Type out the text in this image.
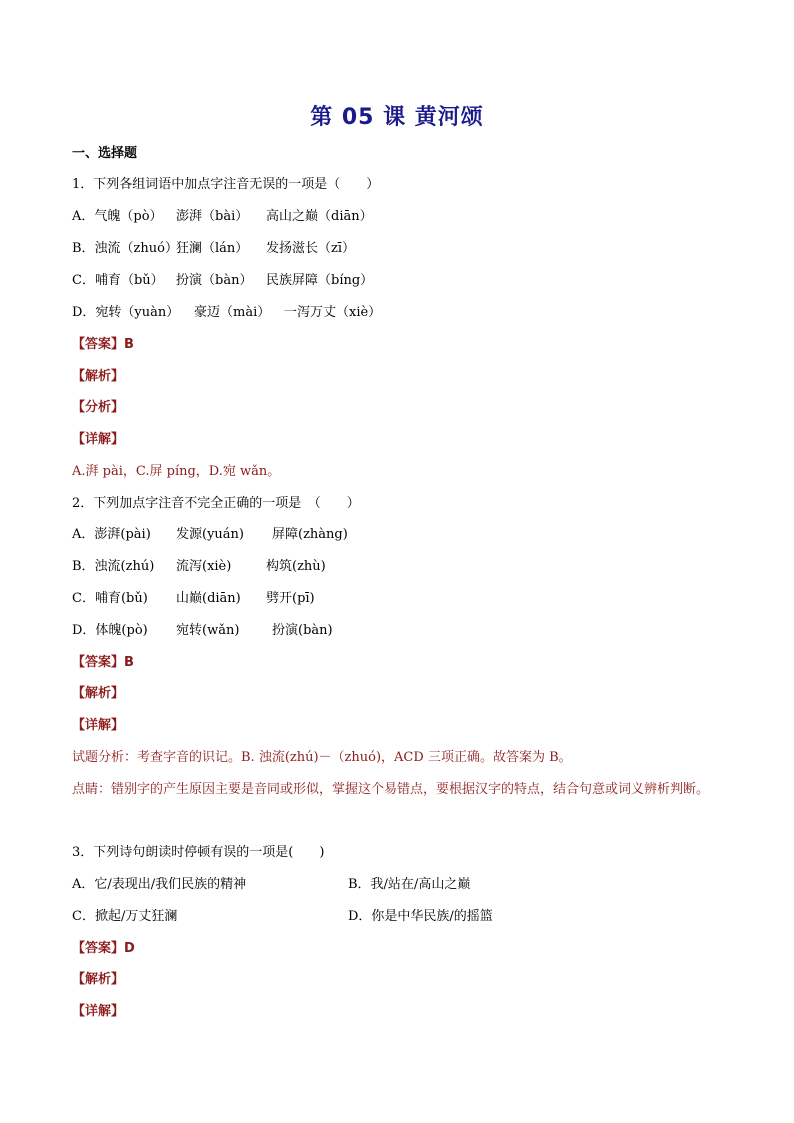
第 05 课 黄河颂
一、选择题
1．下列各组词语中加点字注音无误的一项是（　　）
A．气魄（pò） 澎湃（bài） 高山之巅（diān）
B．浊流（zhuó）狂澜（lán） 发扬滋长（zī）
C．哺育（bǔ） 扮演（bàn） 民族屏障（bíng）
D．宛转（yuàn） 豪迈（mài） 一泻万丈（xiè）
【答案】B
【解析】
【分析】
【详解】
A.湃 pài，C.屏 píng，D.宛 wǎn。
2．下列加点字注音不完全正确的一项是　（　　）
A．澎湃(pài) 发源(yuán) 屏障(zhàng)
B．浊流(zhú) 流泻(xiè)	构筑(zhù)
C．哺育(bǔ) 山巅(diān) 劈开(pī)
D．体魄(pò) 宛转(wǎn)	扮演(bàn)
【答案】B
【解析】
【详解】
试题分析：考查字音的识记。B. 浊流(zhú)－（zhuó)，ACD 三项正确。故答案为 B。
点睛：错别字的产生原因主要是音同或形似，掌握这个易错点，要根据汉字的特点，结合句意或词义辨析判断。
3．下列诗句朗读时停顿有误的一项是(　　)
A．它/表现出/我们民族的精神	B．我/站在/高山之巅
C．掀起/万丈狂澜	D．你是中华民族/的摇篮
【答案】D
【解析】
【详解】
